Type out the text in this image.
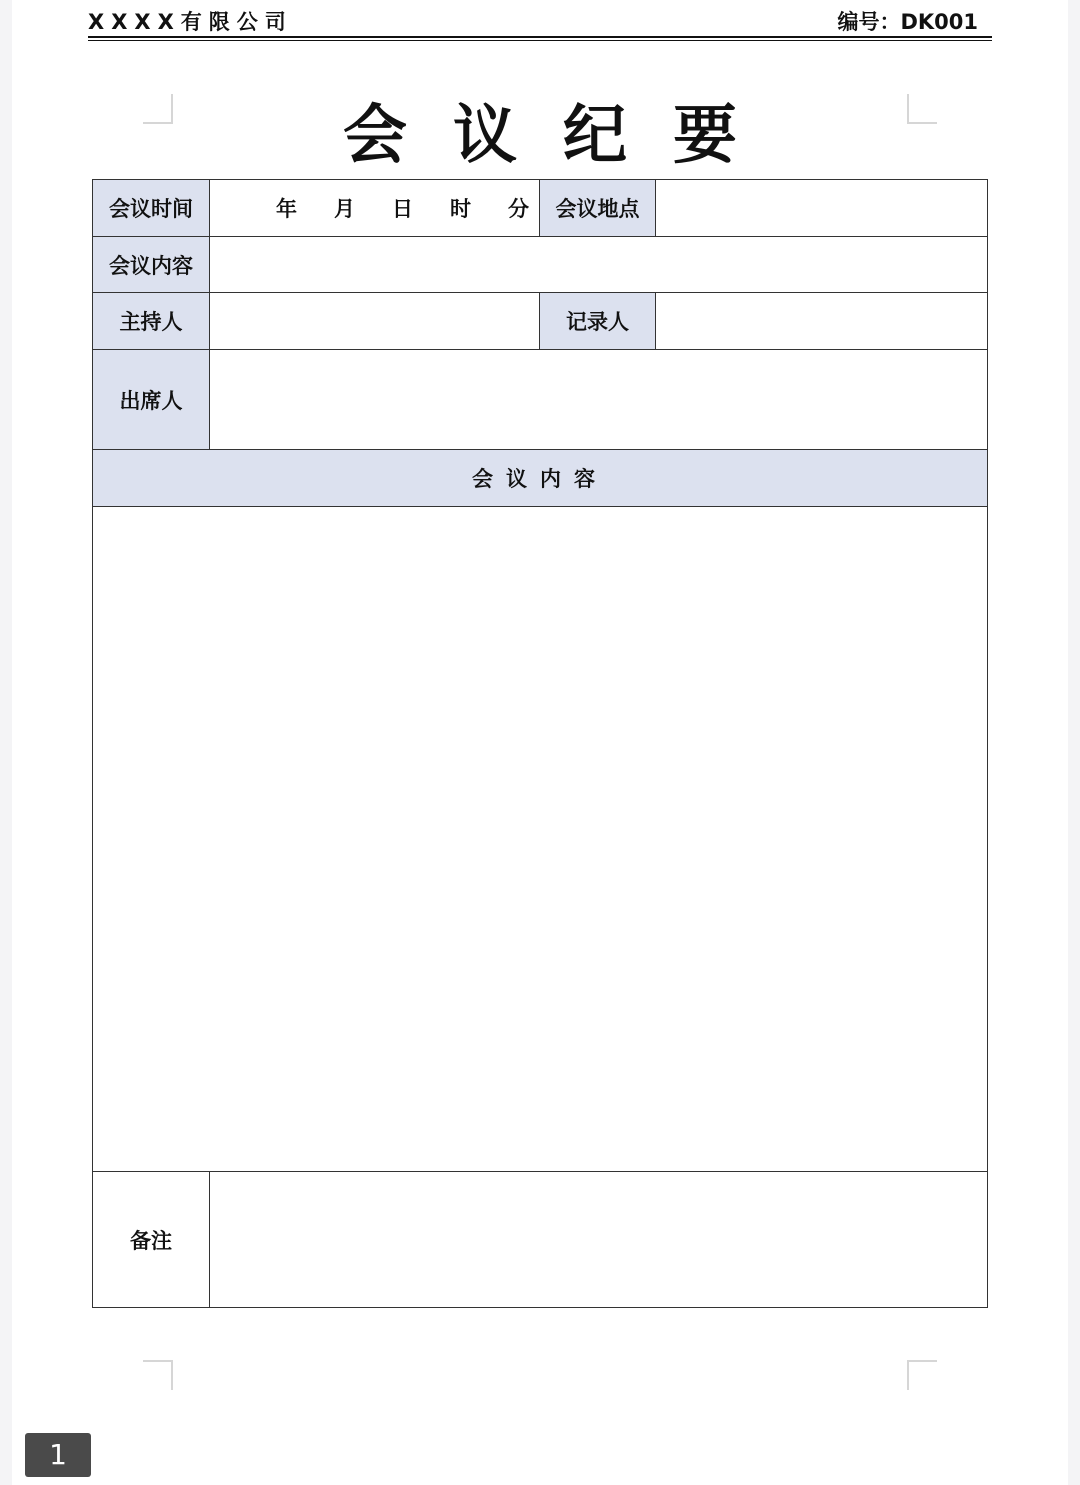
XXXX有限公司	编号：DK001
会议纪要
会议时间	年 月 日 时 分	会议地点	
会议内容			
主持人		记录人	
出席人			
会议内容			

备注			
1
